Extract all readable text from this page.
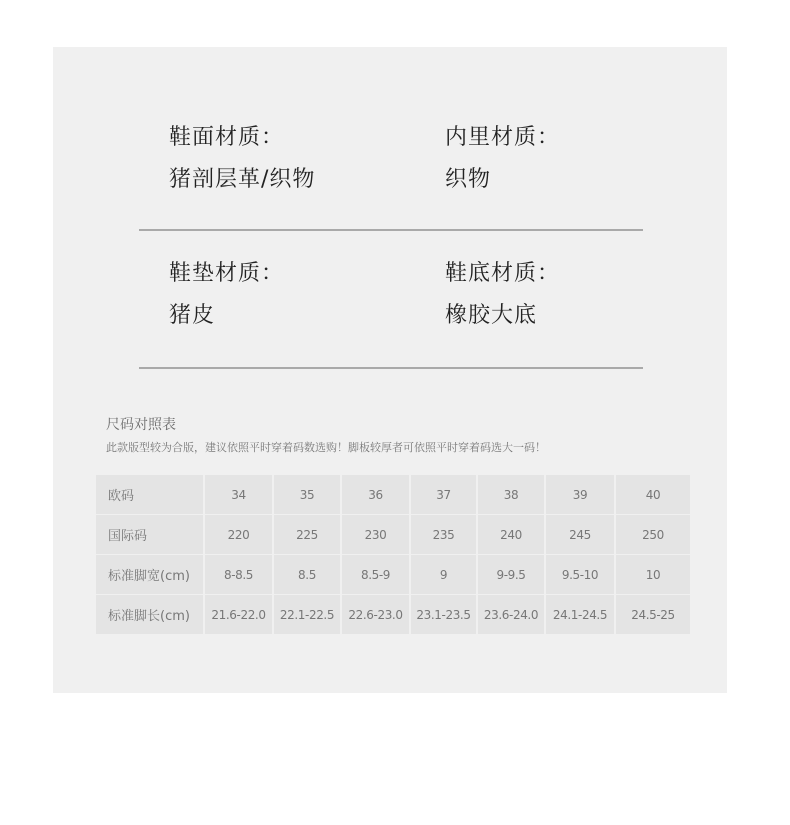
鞋面材质：
猪剖层革/织物
内里材质：
织物
鞋垫材质：
猪皮
鞋底材质：
橡胶大底
尺码对照表
此款版型较为合版，建议依照平时穿着码数选购！脚板较厚者可依照平时穿着码选大一码！
欧码	34	35	36	37	38	39	40
国际码	220	225	230	235	240	245	250
标准脚宽(cm)	8-8.5	8.5	8.5-9	9	9-9.5	9.5-10	10
标准脚长(cm)	21.6-22.0	22.1-22.5	22.6-23.0	23.1-23.5	23.6-24.0	24.1-24.5	24.5-25
